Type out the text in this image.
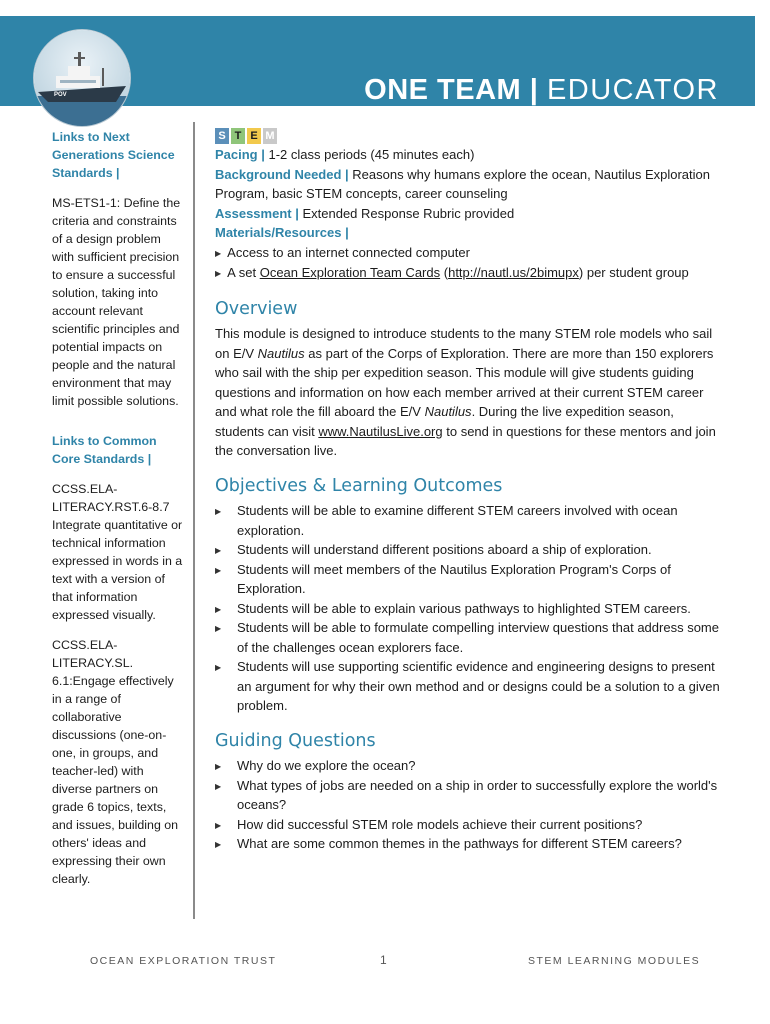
ONE TEAM | EDUCATOR
POV

Links to Next Generations Science Standards |

MS-ETS1-1: Define the criteria and constraints of a design problem with sufficient precision to ensure a successful solution, taking into account relevant scientific principles and potential impacts on people and the natural environment that may limit possible solutions.

Links to Common Core Standards |

CCSS.ELA-LITERACY.RST.6-8.7 Integrate quantitative or technical information expressed in words in a text with a version of that information expressed visually.

CCSS.ELA-LITERACY.SL. 6.1:Engage effectively in a range of collaborative discussions (one-on-one, in groups, and teacher-led) with diverse partners on grade 6 topics, texts, and issues, building on others' ideas and expressing their own clearly.

S T E M

Pacing | 1-2 class periods (45 minutes each)

Background Needed | Reasons why humans explore the ocean, Nautilus Exploration Program, basic STEM concepts, career counseling

Assessment | Extended Response Rubric provided

Materials/Resources |

▶ Access to an internet connected computer

▶ A set Ocean Exploration Team Cards (http://nautl.us/2bimupx) per student group

Overview

This module is designed to introduce students to the many STEM role models who sail on E/V Nautilus as part of the Corps of Exploration. There are more than 150 explorers who sail with the ship per expedition season. This module will give students guiding questions and information on how each member arrived at their current STEM career and what role the fill aboard the E/V Nautilus. During the live expedition season, students can visit www.NautilusLive.org to send in questions for these mentors and join the conversation live.

Objectives & Learning Outcomes
▶ Students will be able to examine different STEM careers involved with ocean exploration.
▶ Students will understand different positions aboard a ship of exploration.
▶ Students will meet members of the Nautilus Exploration Program's Corps of Exploration.
▶ Students will be able to explain various pathways to highlighted STEM careers.
▶ Students will be able to formulate compelling interview questions that address some of the challenges ocean explorers face.
▶ Students will use supporting scientific evidence and engineering designs to present an argument for why their own method and or designs could be a solution to a given problem.
Guiding Questions
▶ Why do we explore the ocean?
▶ What types of jobs are needed on a ship in order to successfully explore the world's oceans?
▶ How did successful STEM role models achieve their current positions?
▶ What are some common themes in the pathways for different STEM careers?
OCEAN EXPLORATION TRUST	1	STEM LEARNING MODULES
